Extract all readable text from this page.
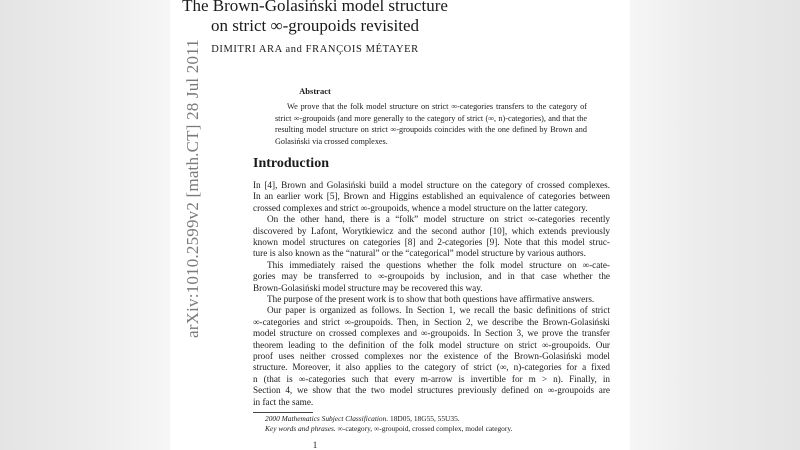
arXiv:1010.2599v2 [math.CT] 28 Jul 2011
The Brown-Golasiński model structure
on strict ∞-groupoids revisited
DIMITRI ARA and FRANÇOIS MÉTAYER
Abstract

We prove that the folk model structure on strict ∞-categories transfers to the category of strict ∞-groupoids (and more generally to the category of strict (∞, n)-categories), and that the resulting model structure on strict ∞-groupoids coincides with the one defined by Brown and Golasiński via crossed complexes.

Introduction
In [4], Brown and Golasiński build a model structure on the category of crossed complexes.
In an earlier work [5], Brown and Higgins established an equivalence of categories between
crossed complexes and strict ∞-groupoids, whence a model structure on the latter category.
On the other hand, there is a “folk” model structure on strict ∞-categories recently
discovered by Lafont, Worytkiewicz and the second author [10], which extends previously
known model structures on categories [8] and 2-categories [9]. Note that this model struc-
ture is also known as the “natural” or the “categorical” model structure by various authors.
This immediately raised the questions whether the folk model structure on ∞-cate-
gories may be transferred to ∞-groupoids by inclusion, and in that case whether the
Brown-Golasiński model structure may be recovered this way.
The purpose of the present work is to show that both questions have affirmative answers.
Our paper is organized as follows. In Section 1, we recall the basic definitions of strict
∞-categories and strict ∞-groupoids. Then, in Section 2, we describe the Brown-Golasiński
model structure on crossed complexes and ∞-groupoids. In Section 3, we prove the transfer
theorem leading to the definition of the folk model structure on strict ∞-groupoids. Our
proof uses neither crossed complexes nor the existence of the Brown-Golasiński model
structure. Moreover, it also applies to the category of strict (∞, n)-categories for a fixed
n (that is ∞-categories such that every m-arrow is invertible for m > n). Finally, in
Section 4, we show that the two model structures previously defined on ∞-groupoids are
in fact the same.
2000 Mathematics Subject Classification. 18D05, 18G55, 55U35.
1
Key words and phrases. ∞-category, ∞-groupoid, crossed complex, model category.
